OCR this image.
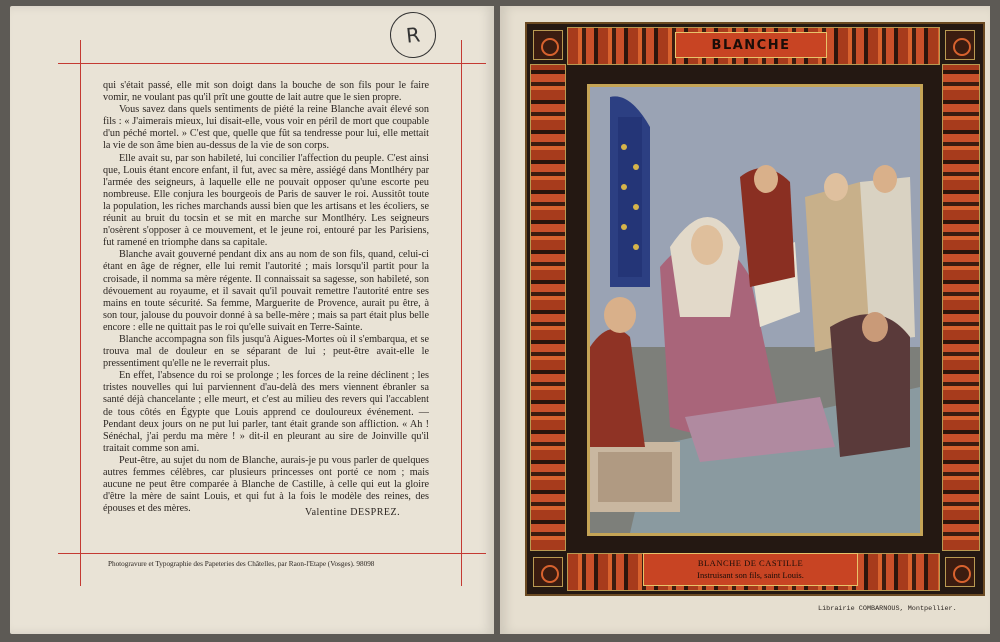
R

qui s'était passé, elle mit son doigt dans la bouche de son fils pour le faire vomir, ne voulant pas qu'il prît une goutte de lait autre que le sien propre.

Vous savez dans quels sentiments de piété la reine Blanche avait élevé son fils : « J'aimerais mieux, lui disait-elle, vous voir en péril de mort que coupable d'un péché mortel. » C'est que, quelle que fût sa tendresse pour lui, elle mettait la vie de son âme bien au-dessus de la vie de son corps.

Elle avait su, par son habileté, lui concilier l'affection du peuple. C'est ainsi que, Louis étant encore enfant, il fut, avec sa mère, assiégé dans Montlhéry par l'armée des seigneurs, à laquelle elle ne pouvait opposer qu'une escorte peu nombreuse. Elle conjura les bourgeois de Paris de sauver le roi. Aussitôt toute la population, les riches marchands aussi bien que les artisans et les écoliers, se réunit au bruit du tocsin et se mit en marche sur Montlhéry. Les seigneurs n'osèrent s'opposer à ce mouvement, et le jeune roi, entouré par les Parisiens, fut ramené en triomphe dans sa capitale.

Blanche avait gouverné pendant dix ans au nom de son fils, quand, celui-ci étant en âge de régner, elle lui remit l'autorité ; mais lorsqu'il partit pour la croisade, il nomma sa mère régente. Il connaissait sa sagesse, son habileté, son dévouement au royaume, et il savait qu'il pouvait remettre l'autorité entre ses mains en toute sécurité. Sa femme, Marguerite de Provence, aurait pu être, à son tour, jalouse du pouvoir donné à sa belle-mère ; mais sa part était plus belle encore : elle ne quittait pas le roi qu'elle suivait en Terre-Sainte.

Blanche accompagna son fils jusqu'à Aigues-Mortes où il s'embarqua, et se trouva mal de douleur en se séparant de lui ; peut-être avait-elle le pressentiment qu'elle ne le reverrait plus.

En effet, l'absence du roi se prolonge ; les forces de la reine déclinent ; les tristes nouvelles qui lui parviennent d'au-delà des mers viennent ébranler sa santé déjà chancelante ; elle meurt, et c'est au milieu des revers qui l'accablent de tous côtés en Égypte que Louis apprend ce douloureux événement. — Pendant deux jours on ne put lui parler, tant était grande son affliction. « Ah ! Sénéchal, j'ai perdu ma mère ! » dit-il en pleurant au sire de Joinville qu'il traitait comme son ami.

Peut-être, au sujet du nom de Blanche, aurais-je pu vous parler de quelques autres femmes célèbres, car plusieurs princesses ont porté ce nom ; mais aucune ne peut être comparée à Blanche de Castille, à celle qui eut la gloire d'être la mère de saint Louis, et qui fut à la fois le modèle des reines, des épouses et des mères.	Valentine DESPREZ.
Photogravure et Typographie des Papeteries des Châtelles, par Raon-l'Etape (Vosges). 98098
BLANCHE
BLANCHE DE CASTILLE
Instruisant son fils, saint Louis.
Librairie COMBARNOUS, Montpellier.
